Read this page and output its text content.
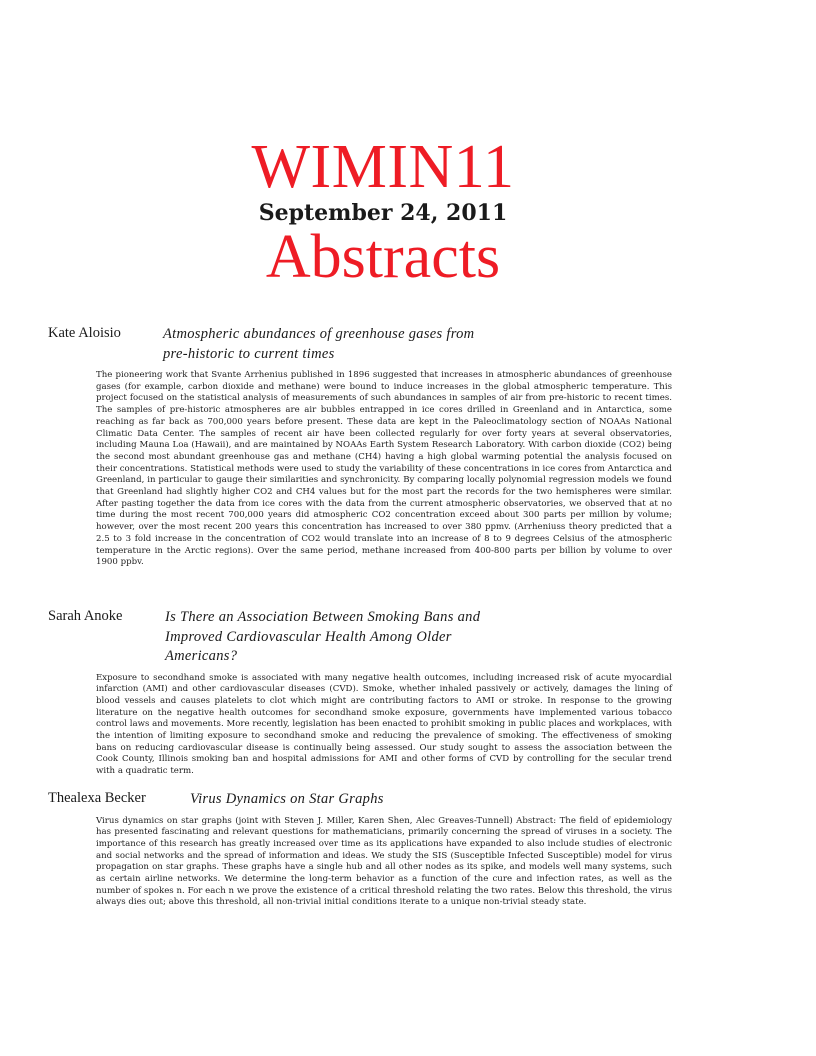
WIMIN11
September 24, 2011
Abstracts
Kate Aloisio	Atmospheric abundances of greenhouse gases from pre-historic to current times
The pioneering work that Svante Arrhenius published in 1896 suggested that increases in atmospheric abundances of greenhouse gases (for example, carbon dioxide and methane) were bound to induce increases in the global atmospheric temperature. This project focused on the statistical analysis of measurements of such abundances in samples of air from pre-historic to recent times. The samples of pre-historic atmospheres are air bubbles entrapped in ice cores drilled in Greenland and in Antarctica, some reaching as far back as 700,000 years before present. These data are kept in the Paleoclimatology section of NOAAs National Climatic Data Center. The samples of recent air have been collected regularly for over forty years at several observatories, including Mauna Loa (Hawaii), and are maintained by NOAAs Earth System Research Laboratory. With carbon dioxide (CO2) being the second most abundant greenhouse gas and methane (CH4) having a high global warming potential the analysis focused on their concentrations. Statistical methods were used to study the variability of these concentrations in ice cores from Antarctica and Greenland, in particular to gauge their similarities and synchronicity. By comparing locally polynomial regression models we found that Greenland had slightly higher CO2 and CH4 values but for the most part the records for the two hemispheres were similar. After pasting together the data from ice cores with the data from the current atmospheric observatories, we observed that at no time during the most recent 700,000 years did atmospheric CO2 concentration exceed about 300 parts per million by volume; however, over the most recent 200 years this concentration has increased to over 380 ppmv. (Arrheniuss theory predicted that a 2.5 to 3 fold increase in the concentration of CO2 would translate into an increase of 8 to 9 degrees Celsius of the atmospheric temperature in the Arctic regions). Over the same period, methane increased from 400-800 parts per billion by volume to over 1900 ppbv.
Sarah Anoke	Is There an Association Between Smoking Bans and Improved Cardiovascular Health Among Older Americans?
Exposure to secondhand smoke is associated with many negative health outcomes, including increased risk of acute myocardial infarction (AMI) and other cardiovascular diseases (CVD). Smoke, whether inhaled passively or actively, damages the lining of blood vessels and causes platelets to clot which might are contributing factors to AMI or stroke. In response to the growing literature on the negative health outcomes for secondhand smoke exposure, governments have implemented various tobacco control laws and movements. More recently, legislation has been enacted to prohibit smoking in public places and workplaces, with the intention of limiting exposure to secondhand smoke and reducing the prevalence of smoking. The effectiveness of smoking bans on reducing cardiovascular disease is continually being assessed. Our study sought to assess the association between the Cook County, Illinois smoking ban and hospital admissions for AMI and other forms of CVD by controlling for the secular trend with a quadratic term.
Thealexa Becker	Virus Dynamics on Star Graphs
Virus dynamics on star graphs (joint with Steven J. Miller, Karen Shen, Alec Greaves-Tunnell) Abstract: The field of epidemiology has presented fascinating and relevant questions for mathematicians, primarily concerning the spread of viruses in a society. The importance of this research has greatly increased over time as its applications have expanded to also include studies of electronic and social networks and the spread of information and ideas. We study the SIS (Susceptible Infected Susceptible) model for virus propagation on star graphs. These graphs have a single hub and all other nodes as its spike, and models well many systems, such as certain airline networks. We determine the long-term behavior as a function of the cure and infection rates, as well as the number of spokes n. For each n we prove the existence of a critical threshold relating the two rates. Below this threshold, the virus always dies out; above this threshold, all non-trivial initial conditions iterate to a unique non-trivial steady state.
